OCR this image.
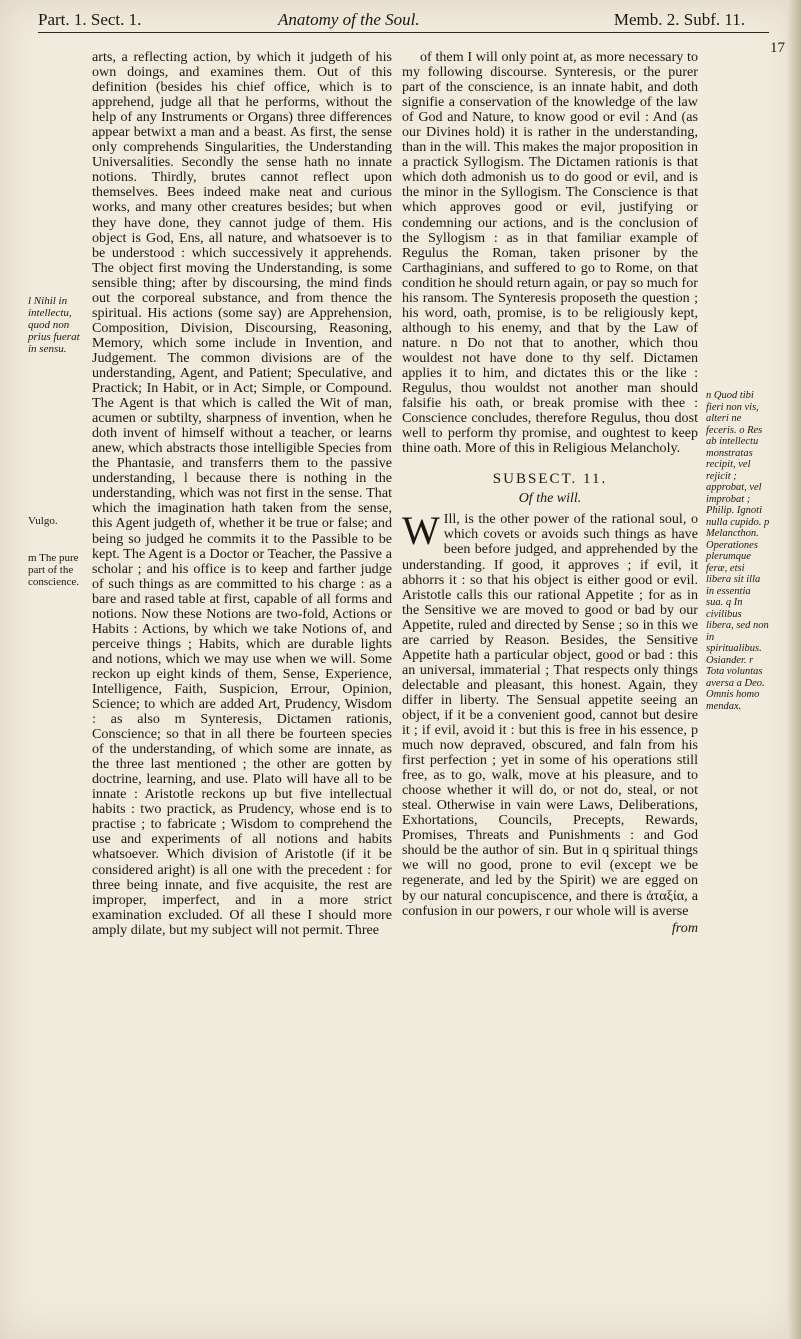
Part. 1. Sect. 1.	Anatomy of the Soul.	Memb. 2. Subf. 11.
17

arts, a reflecting action, by which it judgeth of his own doings, and examines them. Out of this definition (besides his chief office, which is to apprehend, judge all that he performs, without the help of any Instruments or Organs) three differences appear betwixt a man and a beast. As first, the sense only comprehends Singularities, the Understanding Universalities. Secondly the sense hath no innate notions. Thirdly, brutes cannot reflect upon themselves. Bees indeed make neat and curious works, and many other creatures besides; but when they have done, they cannot judge of them. His object is God, Ens, all nature, and whatsoever is to be understood : which successively it apprehends. The object first moving the Understanding, is some sensible thing; after by discoursing, the mind finds out the corporeal substance, and from thence the spiritual. His actions (some say) are Apprehension, Composition, Division, Discoursing, Reasoning, Memory, which some include in Invention, and Judgement. The common divisions are of the understanding, Agent, and Patient; Speculative, and Practick; In Habit, or in Act; Simple, or Compound. The Agent is that which is called the Wit of man, acumen or subtilty, sharpness of invention, when he doth invent of himself without a teacher, or learns anew, which abstracts those intelligible Species from the Phantasie, and transferrs them to the passive understanding, l because there is nothing in the understanding, which was not first in the sense. That which the imagination hath taken from the sense, this Agent judgeth of, whether it be true or false; and being so judged he commits it to the Passible to be kept. The Agent is a Doctor or Teacher, the Passive a scholar ; and his office is to keep and farther judge of such things as are committed to his charge : as a bare and rased table at first, capable of all forms and notions. Now these Notions are two-fold, Actions or Habits : Actions, by which we take Notions of, and perceive things ; Habits, which are durable lights and notions, which we may use when we will. Some reckon up eight kinds of them, Sense, Experience, Intelligence, Faith, Suspicion, Errour, Opinion, Science; to which are added Art, Prudency, Wisdom : as also m Synteresis, Dictamen rationis, Conscience; so that in all there be fourteen species of the understanding, of which some are innate, as the three last mentioned ; the other are gotten by doctrine, learning, and use. Plato will have all to be innate : Aristotle reckons up but five intellectual habits : two practick, as Prudency, whose end is to practise ; to fabricate ; Wisdom to comprehend the use and experiments of all notions and habits whatsoever. Which division of Aristotle (if it be considered aright) is all one with the precedent : for three being innate, and five acquisite, the rest are improper, imperfect, and in a more strict examination excluded. Of all these I should more amply dilate, but my subject will not permit. Three

of them I will only point at, as more necessary to my following discourse. Synteresis, or the purer part of the conscience, is an innate habit, and doth signifie a conservation of the knowledge of the law of God and Nature, to know good or evil : And (as our Divines hold) it is rather in the understanding, than in the will. This makes the major proposition in a practick Syllogism. The Dictamen rationis is that which doth admonish us to do good or evil, and is the minor in the Syllogism. The Conscience is that which approves good or evil, justifying or condemning our actions, and is the conclusion of the Syllogism : as in that familiar example of Regulus the Roman, taken prisoner by the Carthaginians, and suffered to go to Rome, on that condition he should return again, or pay so much for his ransom. The Synteresis proposeth the question ; his word, oath, promise, is to be religiously kept, although to his enemy, and that by the Law of nature. n Do not that to another, which thou wouldest not have done to thy self. Dictamen applies it to him, and dictates this or the like : Regulus, thou wouldst not another man should falsifie his oath, or break promise with thee : Conscience concludes, therefore Regulus, thou dost well to perform thy promise, and oughtest to keep thine oath. More of this in Religious Melancholy.

SUBSECT. 11.
Of the will.

W Ill, is the other power of the rational soul, o which covets or avoids such things as have been before judged, and apprehended by the understanding. If good, it approves ; if evil, it abhorrs it : so that his object is either good or evil. Aristotle calls this our rational Appetite ; for as in the Sensitive we are moved to good or bad by our Appetite, ruled and directed by Sense ; so in this we are carried by Reason. Besides, the Sensitive Appetite hath a particular object, good or bad : this an universal, immaterial ; That respects only things delectable and pleasant, this honest. Again, they differ in liberty. The Sensual appetite seeing an object, if it be a convenient good, cannot but desire it ; if evil, avoid it : but this is free in his essence, p much now depraved, obscured, and faln from his first perfection ; yet in some of his operations still free, as to go, walk, move at his pleasure, and to choose whether it will do, or not do, steal, or not steal. Otherwise in vain were Laws, Deliberations, Exhortations, Councils, Precepts, Rewards, Promises, Threats and Punishments : and God should be the author of sin. But in q spiritual things we will no good, prone to evil (except we be regenerate, and led by the Spirit) we are egged on by our natural concupiscence, and there is ἀταξία, a confusion in our powers, r our whole will is averse

from
l Nihil in intellectu, quod non prius fuerat in sensu.
Vulgo.
m The pure part of the conscience.
n Quod tibi fieri non vis, alteri ne feceris. o Res ab intellectu monstratas recipit, vel rejicit ; approbat, vel improbat ; Philip. Ignoti nulla cupido. p Melancthon. Operationes plerumque feræ, etsi libera sit illa in essentia sua. q In civilibus libera, sed non in spiritualibus. Osiander. r Tota voluntas aversa a Deo. Omnis homo mendax.
